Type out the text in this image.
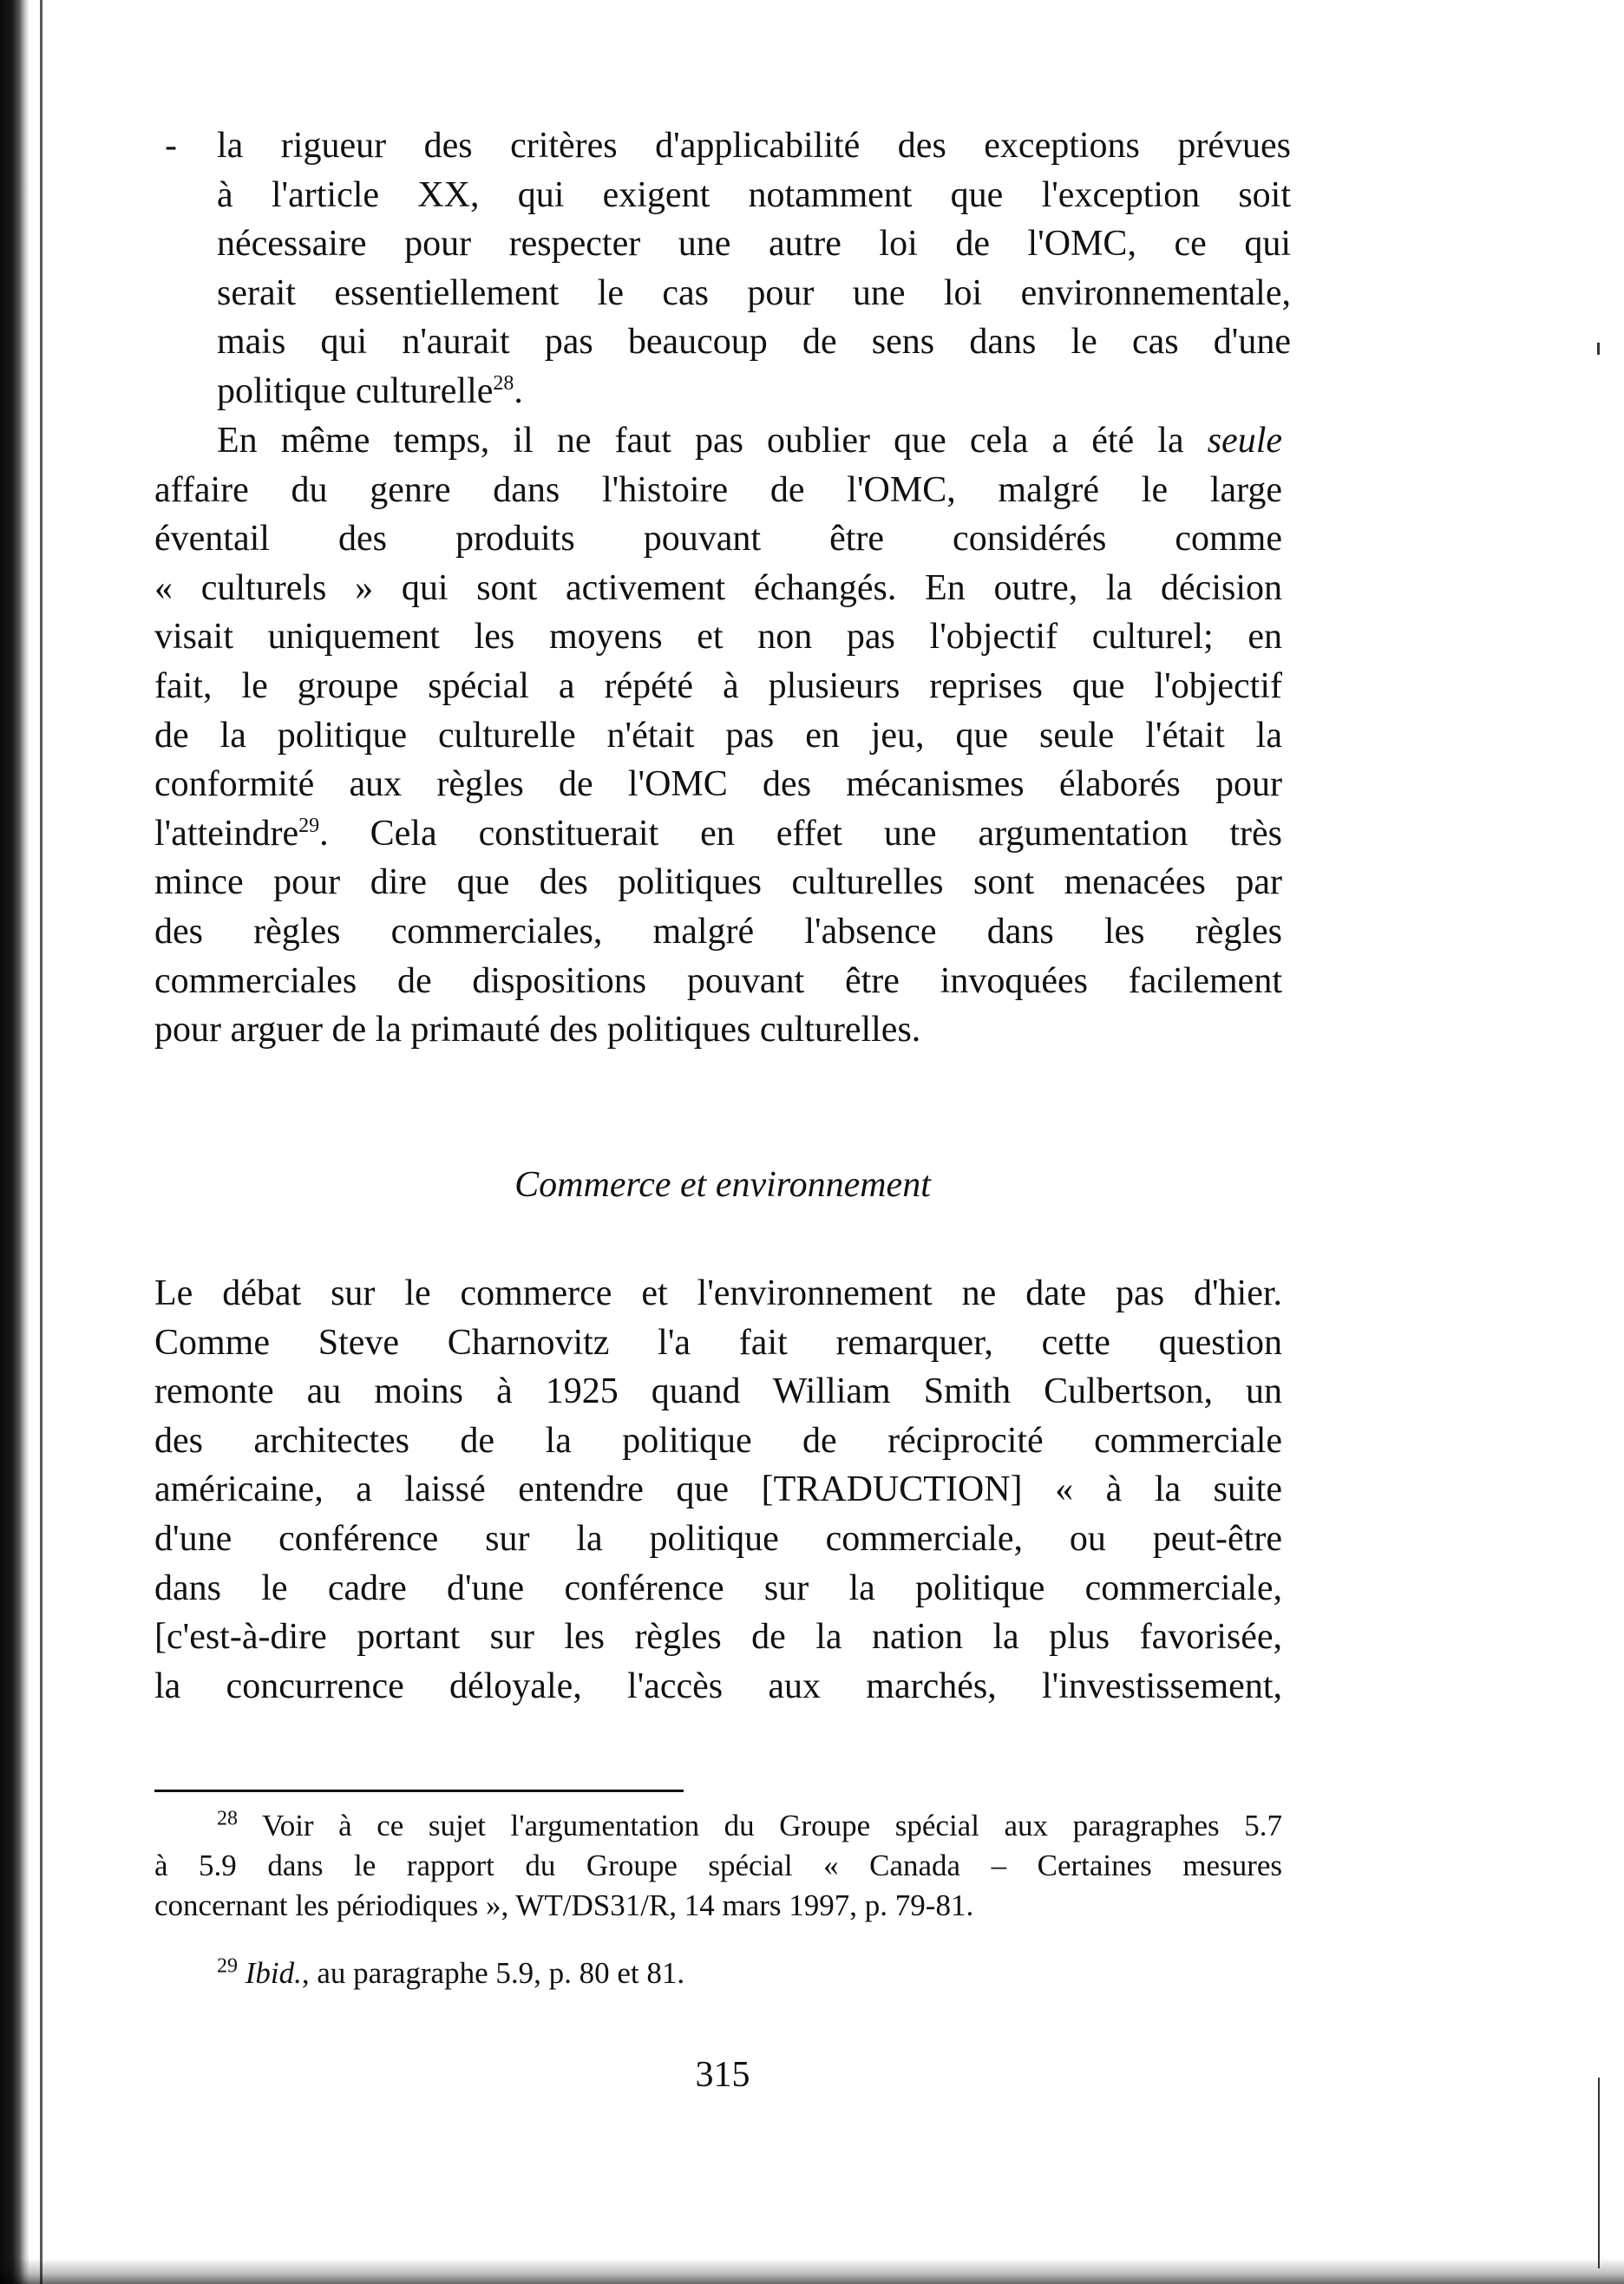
- la rigueur des critères d'applicabilité des exceptions prévues
à l'article XX, qui exigent notamment que l'exception soit
nécessaire pour respecter une autre loi de l'OMC, ce qui
serait essentiellement le cas pour une loi environnementale,
mais qui n'aurait pas beaucoup de sens dans le cas d'une
politique culturelle$^{28}$.
En même temps, il ne faut pas oublier que cela a été la seule
affaire du genre dans l'histoire de l'OMC, malgré le large
éventail des produits pouvant être considérés comme
« culturels » qui sont activement échangés. En outre, la décision
visait uniquement les moyens et non pas l'objectif culturel; en
fait, le groupe spécial a répété à plusieurs reprises que l'objectif
de la politique culturelle n'était pas en jeu, que seule l'était la
conformité aux règles de l'OMC des mécanismes élaborés pour
l'atteindre$^{29}$. Cela constituerait en effet une argumentation très
mince pour dire que des politiques culturelles sont menacées par
des règles commerciales, malgré l'absence dans les règles
commerciales de dispositions pouvant être invoquées facilement
pour arguer de la primauté des politiques culturelles.
Commerce et environnement
Le débat sur le commerce et l'environnement ne date pas d'hier.
Comme Steve Charnovitz l'a fait remarquer, cette question
remonte au moins à 1925 quand William Smith Culbertson, un
des architectes de la politique de réciprocité commerciale
américaine, a laissé entendre que [TRADUCTION] « à la suite
d'une conférence sur la politique commerciale, ou peut-être
dans le cadre d'une conférence sur la politique commerciale,
[c'est-à-dire portant sur les règles de la nation la plus favorisée,
la concurrence déloyale, l'accès aux marchés, l'investissement,
$^{28}$ Voir à ce sujet l'argumentation du Groupe spécial aux paragraphes 5.7
à 5.9 dans le rapport du Groupe spécial « Canada – Certaines mesures
concernant les périodiques », WT/DS31/R, 14 mars 1997, p. 79-81.
$^{29}$ Ibid., au paragraphe 5.9, p. 80 et 81.
315
